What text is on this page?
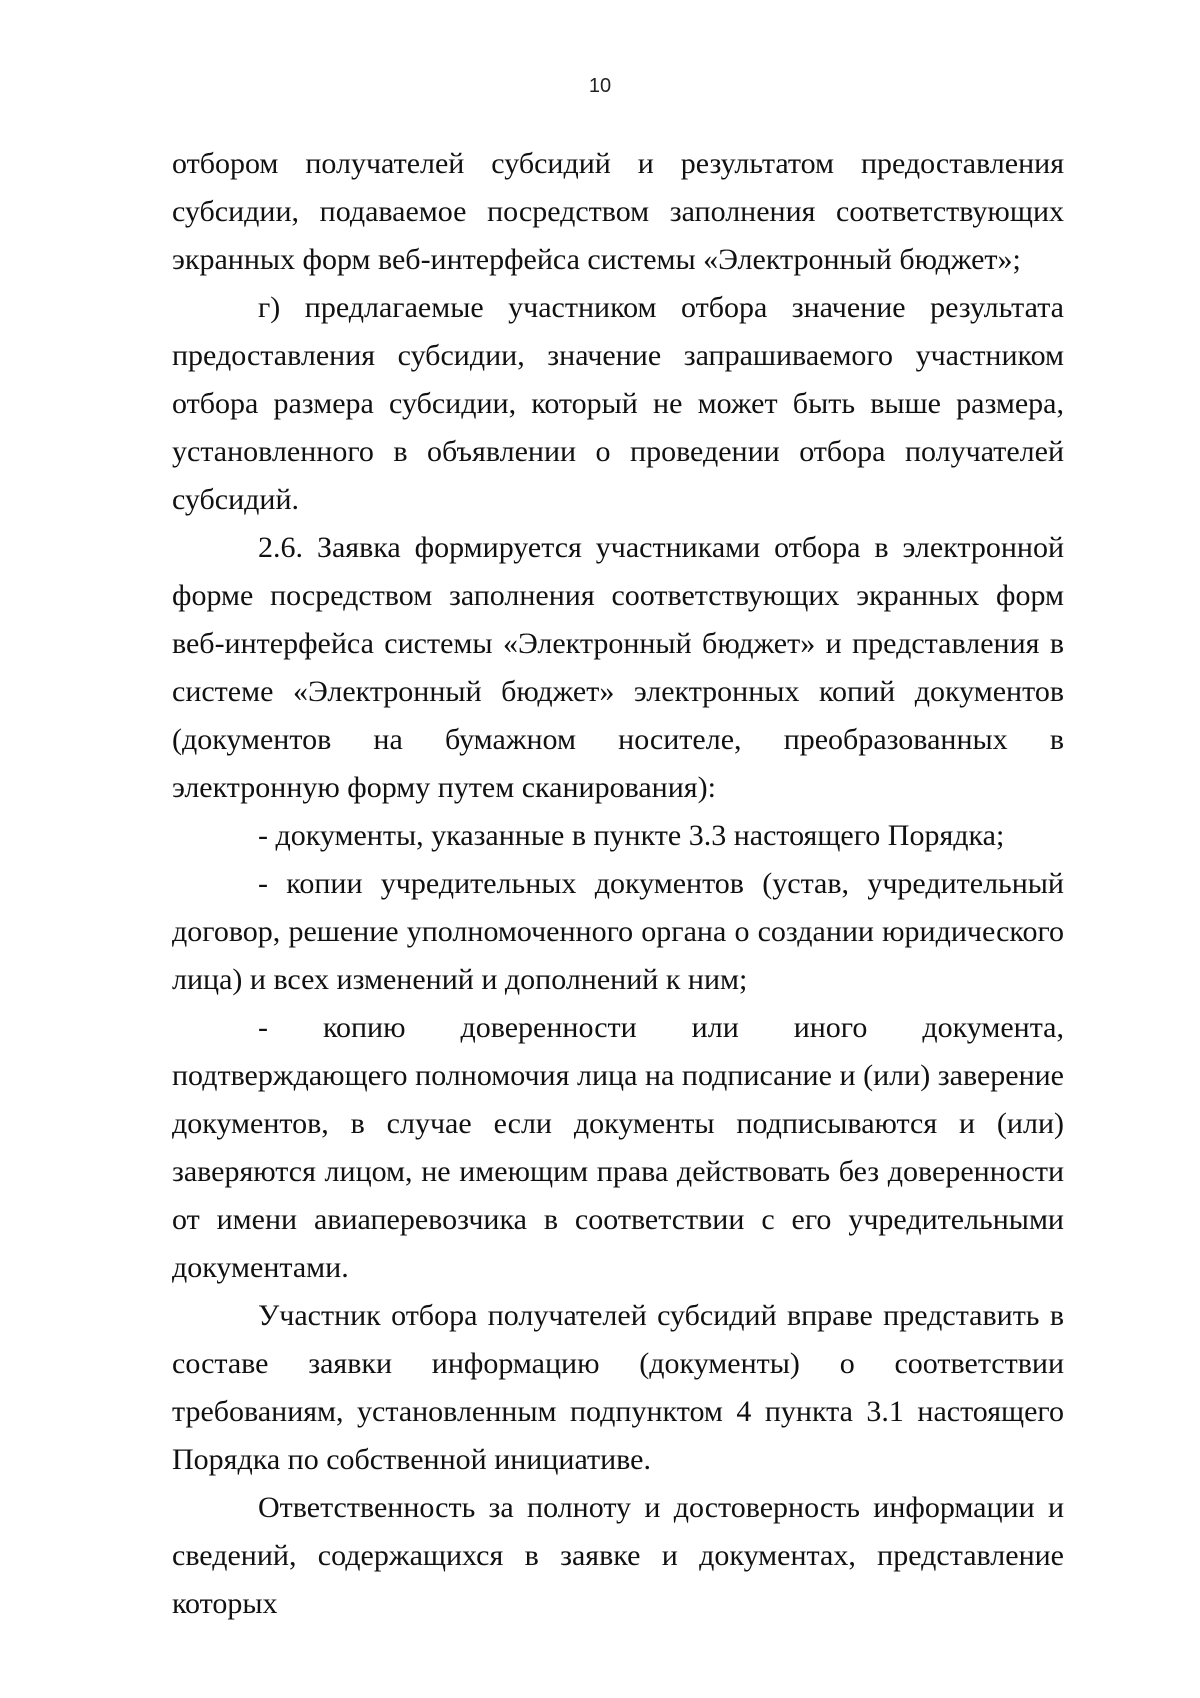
10

отбором получателей субсидий и результатом предоставления субсидии, подаваемое посредством заполнения соответствующих экранных форм веб-интерфейса системы «Электронный бюджет»;

г) предлагаемые участником отбора значение результата предоставления субсидии, значение запрашиваемого участником отбора размера субсидии, который не может быть выше размера, установленного в объявлении о проведении отбора получателей субсидий.

2.6. Заявка формируется участниками отбора в электронной форме посредством заполнения соответствующих экранных форм веб-интерфейса системы «Электронный бюджет» и представления в системе «Электронный бюджет» электронных копий документов (документов на бумажном носителе, преобразованных в электронную форму путем сканирования):

- документы, указанные в пункте 3.3 настоящего Порядка;

- копии учредительных документов (устав, учредительный договор, решение уполномоченного органа о создании юридического лица) и всех изменений и дополнений к ним;

- копию доверенности или иного документа, подтверждающего полномочия лица на подписание и (или) заверение документов, в случае если документы подписываются и (или) заверяются лицом, не имеющим права действовать без доверенности от имени авиаперевозчика в соответствии с его учредительными документами.

Участник отбора получателей субсидий вправе представить в составе заявки информацию (документы) о соответствии требованиям, установленным подпунктом 4 пункта 3.1 настоящего Порядка по собственной инициативе.

Ответственность за полноту и достоверность информации и сведений, содержащихся в заявке и документах, представление которых
